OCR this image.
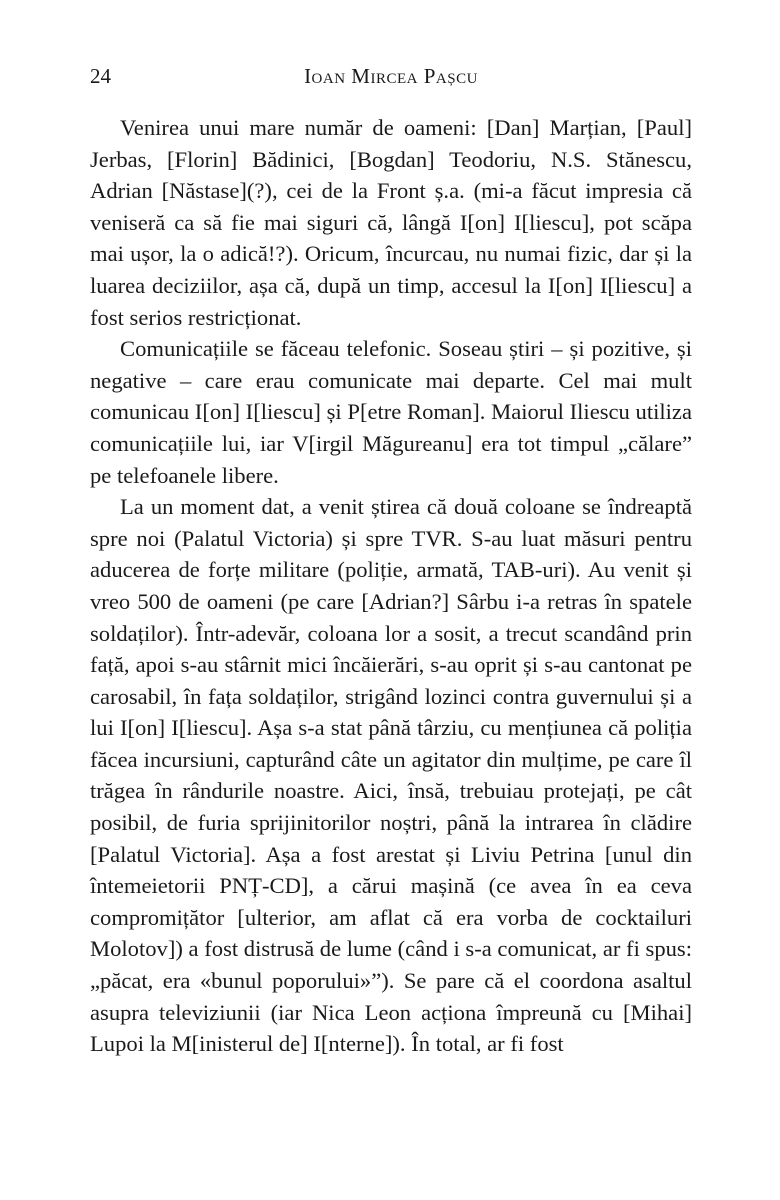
24	Ioan Mircea Pașcu

Venirea unui mare număr de oameni: [Dan] Marțian, [Paul] Jerbas, [Florin] Bădinici, [Bogdan] Teodoriu, N.S. Stănescu, Adrian [Năstase](?), cei de la Front ș.a. (mi-a făcut impresia că veniseră ca să fie mai siguri că, lângă I[on] I[liescu], pot scăpa mai ușor, la o adică!?). Oricum, încurcau, nu numai fizic, dar și la luarea deciziilor, așa că, după un timp, accesul la I[on] I[liescu] a fost serios restricționat.

Comunicațiile se făceau telefonic. Soseau știri – și pozitive, și negative – care erau comunicate mai departe. Cel mai mult comunicau I[on] I[liescu] și P[etre Roman]. Maiorul Iliescu utiliza comunicațiile lui, iar V[irgil Măgureanu] era tot timpul „călare” pe telefoanele libere.

La un moment dat, a venit știrea că două coloane se îndreaptă spre noi (Palatul Victoria) și spre TVR. S-au luat măsuri pentru aducerea de forțe militare (poliție, armată, TAB-uri). Au venit și vreo 500 de oameni (pe care [Adrian?] Sârbu i-a retras în spatele soldaților). Într-adevăr, coloana lor a sosit, a trecut scandând prin față, apoi s-au stârnit mici încăierări, s-au oprit și s-au cantonat pe carosabil, în fața soldaților, strigând lozinci contra guvernului și a lui I[on] I[liescu]. Așa s-a stat până târziu, cu mențiunea că poliția făcea incursiuni, capturând câte un agitator din mulțime, pe care îl trăgea în rândurile noastre. Aici, însă, trebuiau protejați, pe cât posibil, de furia sprijinitorilor noștri, până la intrarea în clădire [Palatul Victoria]. Așa a fost arestat și Liviu Petrina [unul din întemeietorii PNȚ-CD], a cărui mașină (ce avea în ea ceva compromițător [ulterior, am aflat că era vorba de cocktailuri Molotov]) a fost distrusă de lume (când i s-a comunicat, ar fi spus: „păcat, era «bunul poporului»”). Se pare că el coordona asaltul asupra televiziunii (iar Nica Leon acționa împreună cu [Mihai] Lupoi la M[inisterul de] I[nterne]). În total, ar fi fost
